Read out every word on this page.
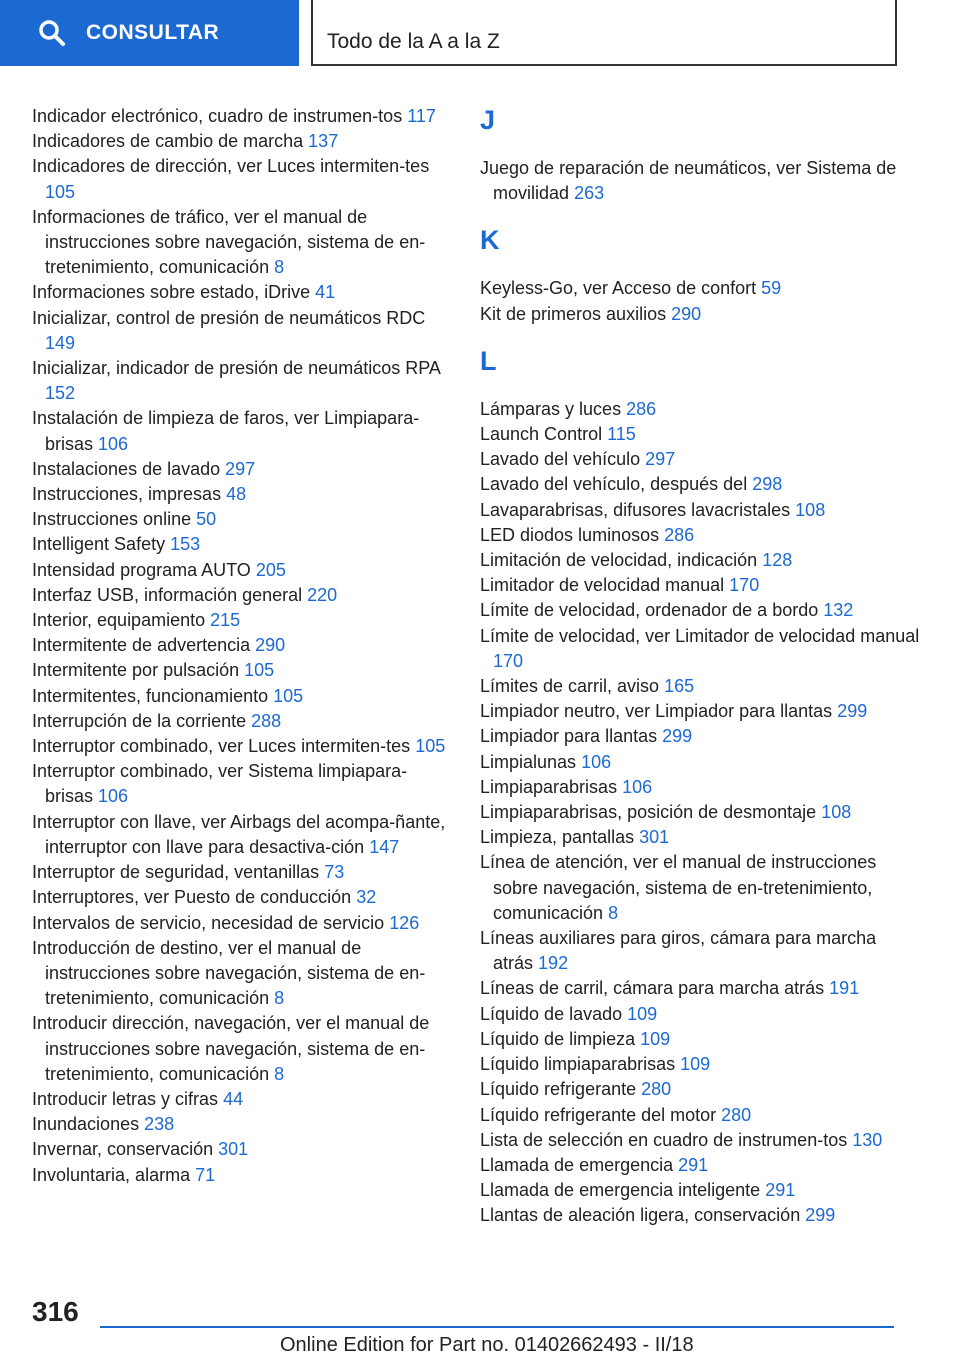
CONSULTAR	Todo de la A a la Z
Indicador electrónico, cuadro de instrumen-tos 117
Indicadores de cambio de marcha 137
Indicadores de dirección, ver Luces intermiten-tes 105
Informaciones de tráfico, ver el manual de instrucciones sobre navegación, sistema de en-tretenimiento, comunicación 8
Informaciones sobre estado, iDrive 41
Inicializar, control de presión de neumáticos RDC 149
Inicializar, indicador de presión de neumáticos RPA 152
Instalación de limpieza de faros, ver Limpiapara-brisas 106
Instalaciones de lavado 297
Instrucciones, impresas 48
Instrucciones online 50
Intelligent Safety 153
Intensidad programa AUTO 205
Interfaz USB, información general 220
Interior, equipamiento 215
Intermitente de advertencia 290
Intermitente por pulsación 105
Intermitentes, funcionamiento 105
Interrupción de la corriente 288
Interruptor combinado, ver Luces intermiten-tes 105
Interruptor combinado, ver Sistema limpiapara-brisas 106
Interruptor con llave, ver Airbags del acompa-ñante, interruptor con llave para desactiva-ción 147
Interruptor de seguridad, ventanillas 73
Interruptores, ver Puesto de conducción 32
Intervalos de servicio, necesidad de servicio 126
Introducción de destino, ver el manual de instrucciones sobre navegación, sistema de en-tretenimiento, comunicación 8
Introducir dirección, navegación, ver el manual de instrucciones sobre navegación, sistema de en-tretenimiento, comunicación 8
Introducir letras y cifras 44
Inundaciones 238
Invernar, conservación 301
Involuntaria, alarma 71
J
Juego de reparación de neumáticos, ver Sistema de movilidad 263
K
Keyless-Go, ver Acceso de confort 59
Kit de primeros auxilios 290
L
Lámparas y luces 286
Launch Control 115
Lavado del vehículo 297
Lavado del vehículo, después del 298
Lavaparabrisas, difusores lavacristales 108
LED diodos luminosos 286
Limitación de velocidad, indicación 128
Limitador de velocidad manual 170
Límite de velocidad, ordenador de a bordo 132
Límite de velocidad, ver Limitador de velocidad manual 170
Límites de carril, aviso 165
Limpiador neutro, ver Limpiador para llantas 299
Limpiador para llantas 299
Limpialunas 106
Limpiaparabrisas 106
Limpiaparabrisas, posición de desmontaje 108
Limpieza, pantallas 301
Línea de atención, ver el manual de instrucciones sobre navegación, sistema de en-tretenimiento, comunicación 8
Líneas auxiliares para giros, cámara para marcha atrás 192
Líneas de carril, cámara para marcha atrás 191
Líquido de lavado 109
Líquido de limpieza 109
Líquido limpiaparabrisas 109
Líquido refrigerante 280
Líquido refrigerante del motor 280
Lista de selección en cuadro de instrumen-tos 130
Llamada de emergencia 291
Llamada de emergencia inteligente 291
Llantas de aleación ligera, conservación 299
316
Online Edition for Part no. 01402662493 - II/18
